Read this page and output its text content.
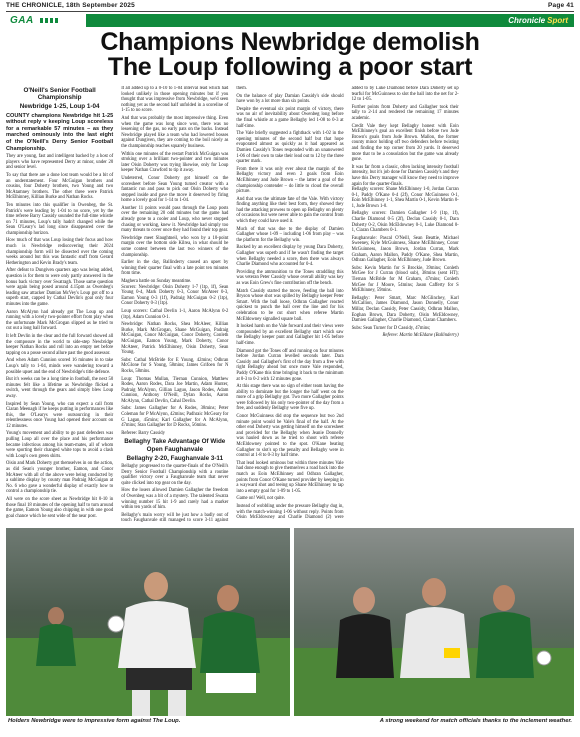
THE CHRONICLE, 18th September 2025	Page 41
GAA	Chronicle Sport
Champions Newbridge demolish
The Loup following a poor start
O'Neill's Senior Football Championship
Newbridge 1-25, Loup 1-04

COUNTY champions Newbridge hit 1-25 without reply v keeping Loup scoreless for a remarkable 57 minutes – as they marched ominously into the last eight of the O'Neill's Derry Senior Football Championship.

They are young, fast and intelligent backed by a host of players who have represented Derry at minor, under 20 and senior level.

To say that there are a done lost team would be a bit of an understatement. Four McGuigan brothers and cousins, four Doherty brothers, two Young and two McAtamney brothers. The other three were Patrick McElhinney, Killian Burke and Nathan Rocks.

Ten minutes into this qualifier in Owenbeg, the St. Patrick's were leading by 1-04 to no score, yet by the time referee Barry Cassidy sounded the full-time whistle on 71 minutes, Loup's tally hadn't changed while the Sean O'Leary's lad long since disappeared over the championship horizon.

How much of that was Loup losing their focus and how much is Newbridge rediscovering their 2024 championship form will be dissected over the coming weeks around but this was fantastic stuff from Gerard Hetherington and Kevin Brady's team.

After defeat to Dungiven quarters ago was being added, question is for them to were only partly answered in the bonus back victory over Swatragh. Those same question were again being posed around 4.15pm as Owenbeg's leading saw attacker Damian McVey's Loup got off to a superb start, capped by Cathal Devlin's goal only four minutes into the game.

Aaron McAlynn had already got The Loup up and running with a lovely two-pointer effort from play when the unfortunate Mark McGrogan slipped as he tried to cut out a long ball forward.

It left Devlin in the clear and the full forward showed all the composure in the world to side-step Newbridge keeper Nathan Rocks and roll into an empty net before tapping on a posse second allure past the good assessor.

And when Adam Cunnion scored 16 minutes in to take Loup's tally to 1-04, minds were wandering toward a possible upset and the end of Newbridge's title defence.

But it's weeks can be a long time in football, the next 50 minutes felt like a lifetime as Newbridge flicked a switch, went through the gears and simply blew Loup away.

Inspired by Sean Young, who can expect a call from Ciaran Meenagh if he keeps putting in performances like this, the O'Learys were outsourcing in their relentlessness once Young had opened their account on 12 minutes.

Young's movement and ability to go past defenders was pulling Loup all over the place and his performance became infectious among his team-mates, all of whom were sporting their changed white tops to avoid a clash with Loup's own green shirts.

Oisin and Mark Doherty got themselves in on the action, as did Sean's younger brother, Eamon, and Conor McAteer with all of the above were being conducted by a sublime display by county man Padraig McGuigan at No. 6 who gave a wonderful display of exactly how to control a championship tie.

All were on the score sheet as Newbridge hit 0-10 in those final 18 minutes of the opening half to turn around the game, Eamon Young also chipping in with one good goal chance which he sent wide of the near post.

It all added up to a 0-10 to 1-04 interval lead which had looked unlikely in those opening minutes but if you thought that was impressive from Newbridge, we'd seen nothing yet as the second half unfolded in a scoreline of 1-15 to no score.

And that was probably the most impressive thing. Even when the game was long since won, there was no lessening of the gas, no early pats on the backs. Instead Newbridge played like a team who had lowered bosses against Dungiven, they are coming to the boil nicely as the championship reaches squarely business.

Within one minutes of the restart Patrick McGuigan was stroking over a brilliant two-pointer and two minutes later Oisin Doherty was trying likewise, only for Loup keeper Nathan Crawford to tip it away.

Undeterred, Conor Doherty got himself on the scoresheet before Sean Young turned creator with a fantastic run and pass to pick out Oisin Doherty who stepped inside and gave the move it deserved by firing home a lovely goal for 1-14 to 1-04.

Another 11 points would pass through the Loup posts over the remaining 20 odd minutes but the game had already gone to a cooler and Loup, who never stopped chasing or working, knew it. Newbridge had simply too many threats to cover once they had found their top gear.

Newbridge meet Slaughtneil, who won by a 10-point margin over the bottom side Kilrea, in what should be some contest between the last two winners of the championship.

Earlier in the day, Ballinderry caused an upset by winning their quarter final with a late point ten minutes from time.

Maghera battle on Sunday meantime.

Scorers: Newbridge: Oisin Doherty 1-7 (1tp, 1f), Sean Young 0-4, Mark Doherty 0-3, Conor McAteer 0-3, Eamon Young 0-3 (1f), Padraig McGuigan 0-2 (1tp), Conor Doherty 0-3 (1tp).

Loup scorers: Cathal Devlin 1-1, Aaron McAlynn 0-2 (1tp), Adam Cunnion 0-1.

Newbridge: Nathan Rocks, Shea McAleer, Killian Burke, Mark McGrogan, Shane McGuigan, Padraig McGuigan, Conor McGuigan, Conor Doherty, Conleth McGuigan, Eamon Young, Mark Doherty, Conor McAteer, Patrick McElhinney, Oisin Doherty, Sean Young.

Subs: Cathal McBride for E Young, 42mins; Odhran McGlone for S Young, 58mins; James Grifoen for N Rocks, 58mins.

Loup: Thomas Mullan, Tiernan Cunnion, Matthew Rodes, Aaron Rodes, Dara Joe Martin, Adam Hunter, Padraig McAlynn, Gillian Laguo, Jason Rodes, Adam Cunnion, Anthony O'Neill, Dylan Rocks, Aaron McAlynn, Cathal Devlin, Cahal Devlin.

Subs: James Gallagher for A Rodes, 38mins; Peter Coleman for P McAlynn, 42mins; Padhraic McGeary for G Lagan, 45mins; Karl Gallagher for A McAlynn, 47mins; Stan Gallagher for D Rocks, 56mins.

Referee: Barry Cassidy

Bellaghy Take Advantage Of Wide Open Faughanvale
Bellaghy 2-20, Faughanvale 3-11

Bellaghy progressed to the quarter-finals of the O'Neill's Derry Senior Football Championship with a routine qualifier victory over a Faughanvale team that never quite clicked into top gear on the day.

How the losers allowed Damien Gallagher the freedom of Owenbeg was a bit of a mystery. The talented Swatra winning number 15 hit 1-9 and rarely had a marker within ten yards of him.

Bellaghy's main worry will be just how a badly out of touch Faughanvale still managed to score 3-11 against them.

On the balance of play Damian Cassidy's side should have won by a lot more than six points.

Despite the eventual six point margin of victory, there was no air of inevitability about Owenbeg long before the final whistle at a game Bellaghy led 1-08 to 0-3 at half-time.

The Vale briefly suggested a fightback with 1-02 in the opening minutes of the second half but that hope evaporated almost as quickly as it had appeared as Damien Cassidy's Tones responded with an unanswered 1-06 of their own to take their lead out to 12 by the three quarter mark.

From there it was only ever about the margin of the Bellaghy victory and even 2 goals from Eoin McElhinney and Jude Brown – the latter a goal of the championship contender – do little to cloud the overall picture.

And that was the ultimate fate of the Vale. With victory finding anything like their best form, they showed they had the attacking prowess to open up Bellaghy on plenty of occasions but were never able to gain the control from which they could have used it.

Much of that was due to the display of Damien Gallagher whose 1-09 – including 1-06 from play – was the platform for the Bellaghy win.

Backed by an excellent display by young Dara Doherty, Gallagher was superb and if he wasn't finding the target when Bellaghy needed a score, then there was always Charlie Diamond who accounted for 0-4.

Providing the ammunition to the Tones straddling this was veteran Peter Cassidy whose overall ability was key as was Eoin Grew's fine contribution off the bench.

Match Cassidy started the move, feeding the ball into Bryson whose shot was spilled by Bellaghy keeper Peter Smart. With the ball loose, Odhran Gallagher reacted quickest to punch the ball over the line and for his celebration to be cut short when referee Martin McEldowney signalled square ball.

It looked harsh on the Vale forward and their views were compounded by an excellent Bellaghy start which saw the Bellaghy keeper punt and Gallagher hit 1-05 before half-time.

Diamond got the Tones off and running on four minutes before Jordan Curran levelled seconds later. Dara Cassidy and Gallagher's first of the day from a free with right Bellaghy ahead but once more Vale responded, Paddy O'Kane this time bringing it back to the minimum at 0-3 to 0-2 with 12 minutes gone.

At this stage there was no sign of either team having the ability to dominate but the longer the half went on the more of a grip Bellaghy got. Two more Gallagher points were followed by his only two-pointer of the day from a free, and suddenly Bellaghy were five up.

Conor McGuinness did stop the sequence but two 2nd minute point would be Vale's final of the half. At the other end Doherty was getting himself on the scoresheet and provided for the Bellaghy when Jeanie Donnelly was hauled down as he tried to shoot with referee McEldowney pointed to the spot. O'Kane beating Gallagher to slot's up the penalty and Bellaghy were in control at 1-8 to 0-3 by half time.

That lead looked ominous but within three minutes Vale had done enough to give themselves a road back into the match as Eoin McElhinney and Odhran Gallagher, points from Conor O'Kane turned provider by keeping in a wayward shot and teeing up Shane McElhinney to tap into a empty goal for 1-09 to 1-05.

Game on! Well, not quite.

Instead of wobbling under the pressure Bellaghy dug in, with the match-winning 1-06 without reply. Points from Oisin McEldowney and Charlie Diamond (2) were added to by Luke Diamond before Dara Doherty set up tearful for McGuinness to slot the ball into the net for 2-12 to 1-05.

Further points from Doherty and Gallagher took their tally to 2-14 and rendered the remaining 17 minutes academic.

Credit Vale they kept Bellaghy honest with Eoin McElhinney's goal an excellent finish before two Jude Brown's goals from Jude Brown. Mallon, the former county minor holding off two defenders before twisting and finding the top corner from 20 yards. It deserved more that to be a consolation but the game was already gone.

It was far from a classic, often lacking intensity football intensity, but it's job done for Damien Cassidy's and they have this Derry manager will know they need to improve again for the quarter-finals.

Bellaghy scorers: Shane McElhinney 1-0, Jordan Curran 0-1, Paddy O'Kane 0-4 (2f), Conor McGuinness 0-1, Eoin McElhinney 1-1, Shea Martin 0-1, Kevin Martin 0-1, Jude Brown 1-0.

Bellaghy scorers: Damien Gallagher 1-9 (1tp, 1f), Charlie Diamond 0-5 (2f), Declan Cassidy 0-1, Dara Doherty 0-2, Oisin McEldowney 0-1, Luke Diamond 0-1, Ciaran Chambers 0-1.

Faughanvale: Pascal O'Neill, Sean Beattie, Michael Sweeney, Kyle McGuinness, Shane McElhinney, Conor McGuinness, Jason Brown, Jordan Curran, Mark Graham, Aaron Mallon, Paddy O'Kane, Shea Martin, Odhran Gallagher, Eoin McElhinney, Jude Brown.

Subs: Kevin Martin for S Brockie, 39mins; Conleth McGee for J Curran (blood sub), 38mins (sent HT); Tiernan McBride for M Graham, 47mins; Conleth McGee for J Moore, 54mins; Jason Cafferty for S McElhinney, 59mins.

Bellaghy: Peter Smart, Marc McGlinchey, Karl McCallion, James Diamond, Jason Donnelly, Conor Millar, Declan Cassidy, Peter Cassidy, Odhran Mallon, Eoghan Brown, Dara Doherty, Oisin McEldowney, Damien Gallagher, Charlie Diamond, Ciaran Chambers.

Subs: Sean Turner for D Cassidy, 47mins;

Referee: Martin McEldane (Ballinderry)

Holders Newbridge were to impressive form against The Loup.	A strong weekend for match officials thanks to the inclement weather.
